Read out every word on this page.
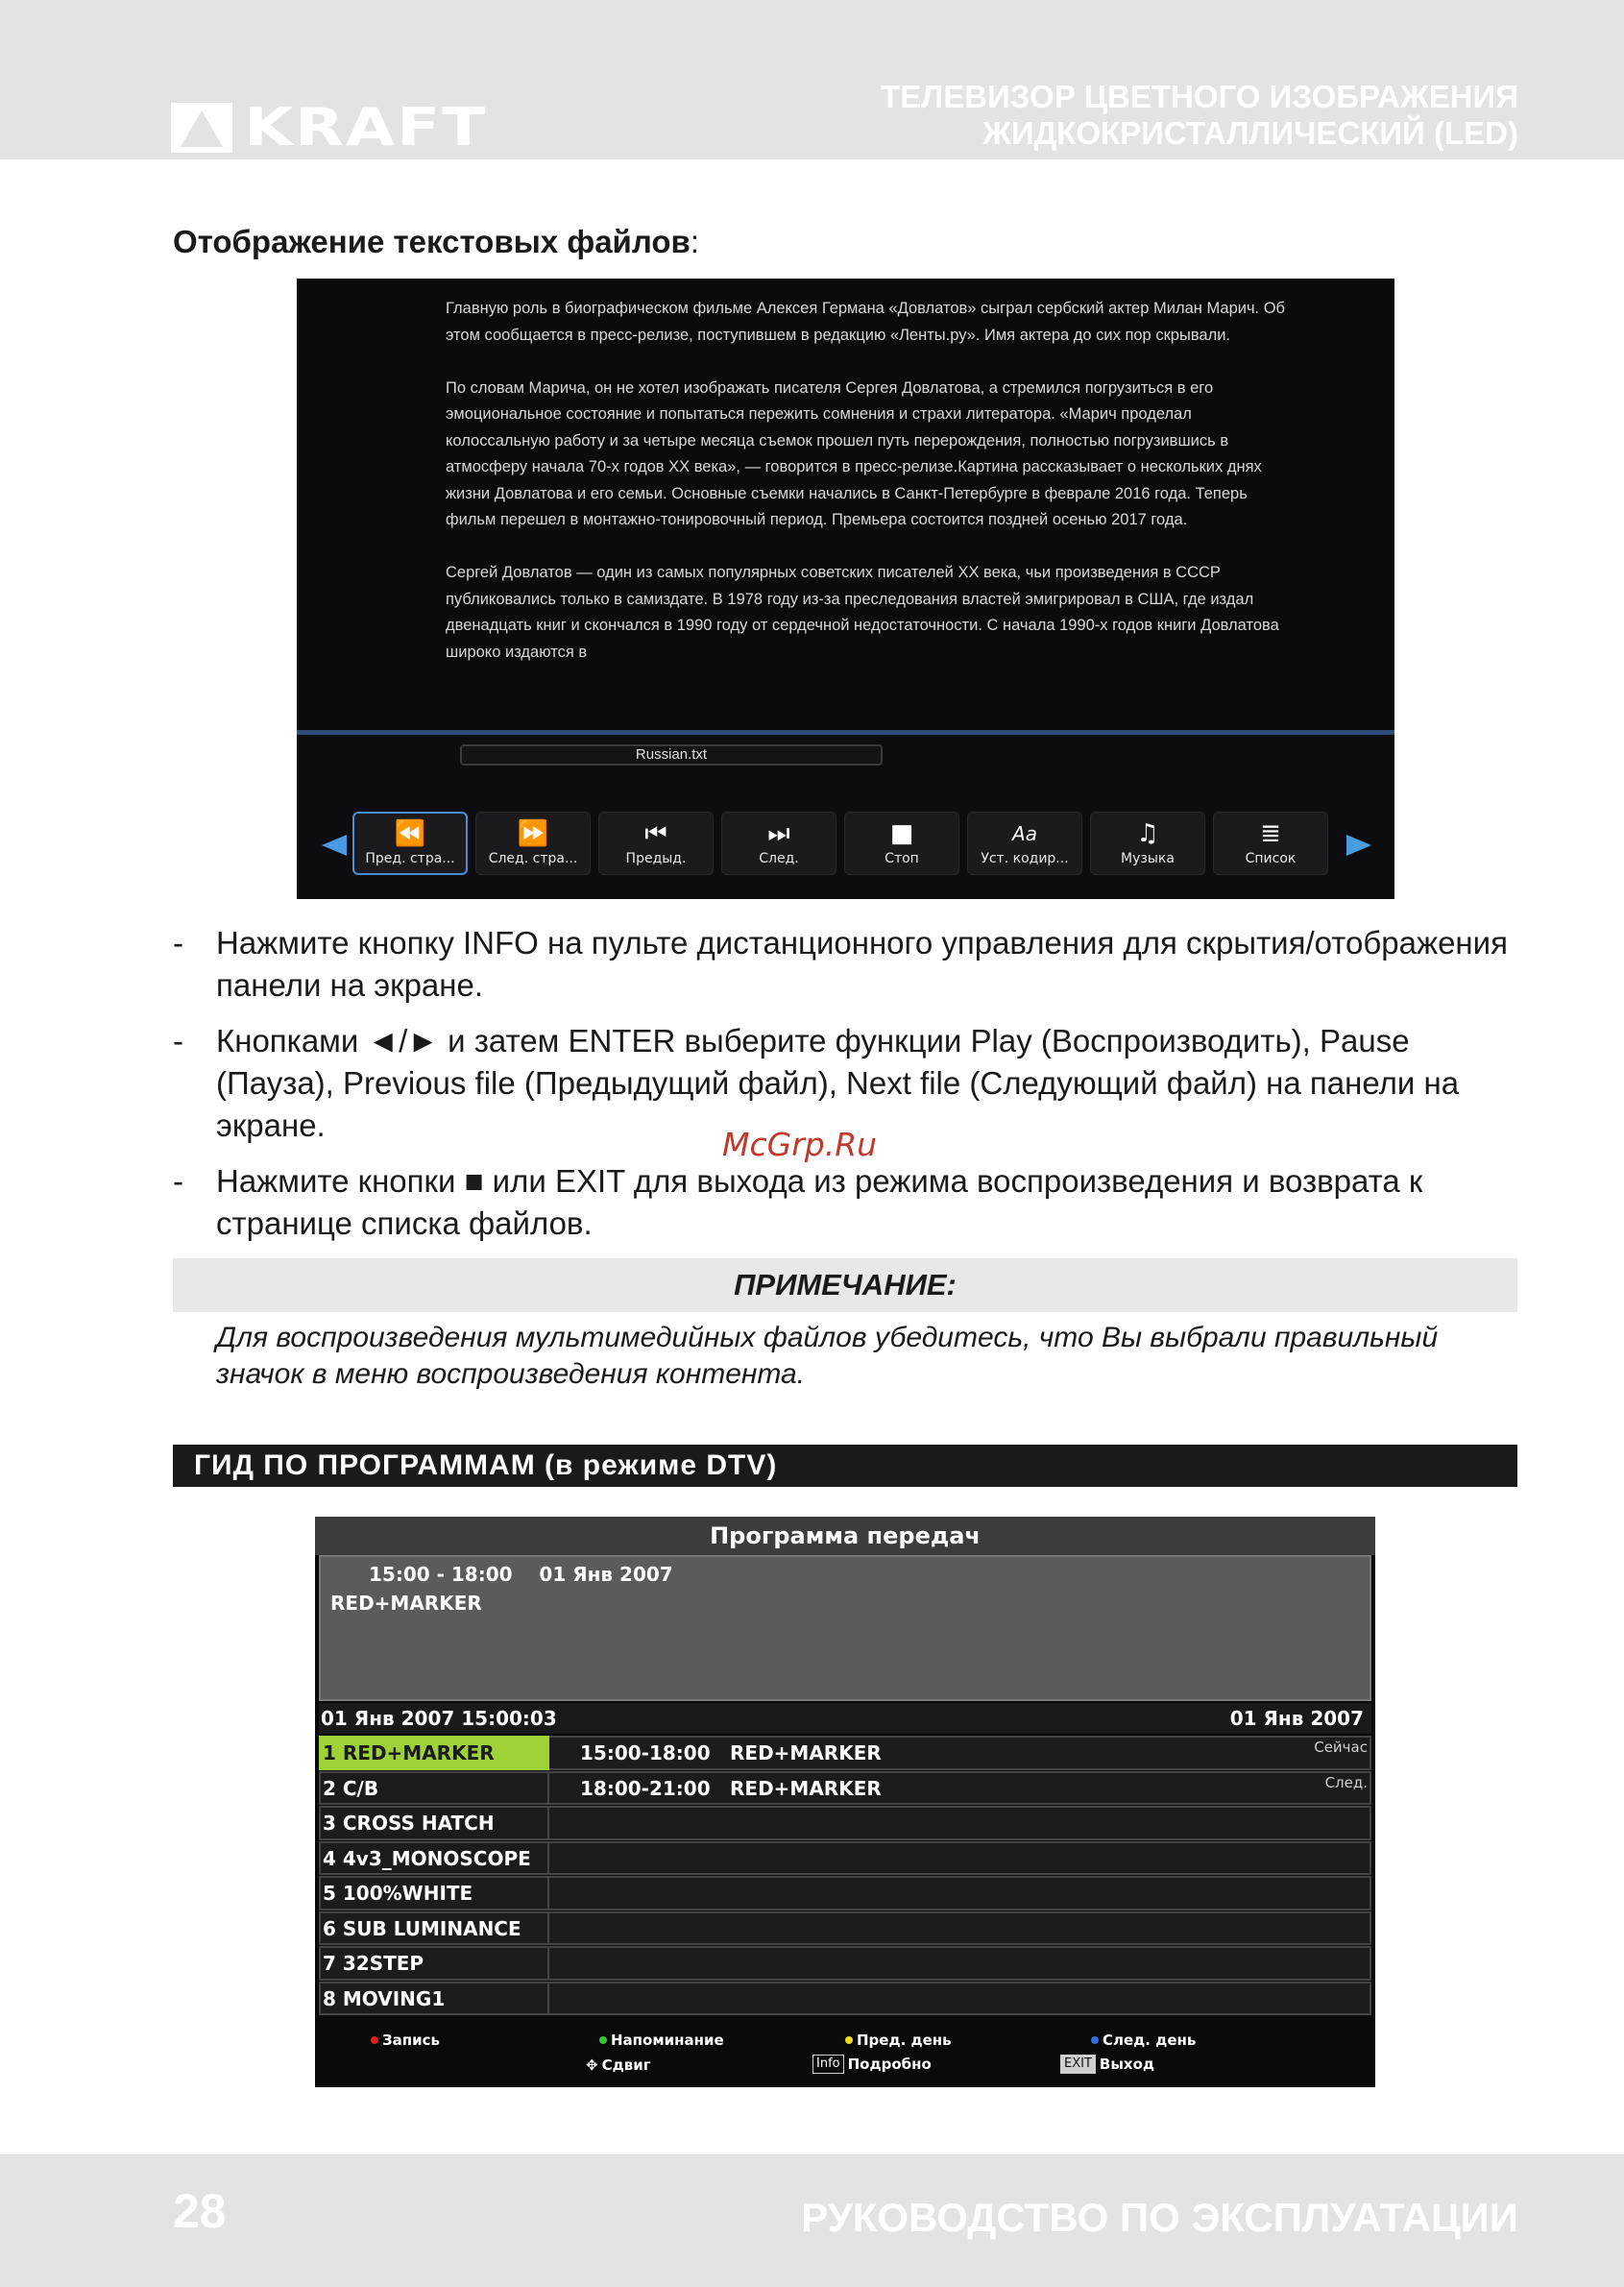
KRAFT
ТЕЛЕВИЗОР ЦВЕТНОГО ИЗОБРАЖЕНИЯ
ЖИДКОКРИСТАЛЛИЧЕСКИЙ (LED)
Отображение текстовых файлов:

Главную роль в биографическом фильме Алексея Германа «Довлатов» сыграл сербский актер Милан Марич. Об этом сообщается в пресс-релизе, поступившем в редакцию «Ленты.ру». Имя актера до сих пор скрывали.

По словам Марича, он не хотел изображать писателя Сергея Довлатова, а стремился погрузиться в его эмоциональное состояние и попытаться пережить сомнения и страхи литератора. «Марич проделал колоссальную работу и за четыре месяца съемок прошел путь перерождения, полностью погрузившись в атмосферу начала 70-х годов XX века», — говорится в пресс-релизе.Картина рассказывает о нескольких днях жизни Довлатова и его семьи. Основные съемки начались в Санкт-Петербурге в феврале 2016 года. Теперь фильм перешел в монтажно-тонировочный период. Премьера состоится поздней осенью 2017 года.

Сергей Довлатов — один из самых популярных советских писателей XX века, чьи произведения в СССР публиковались только в самиздате. В 1978 году из-за преследования властей эмигрировал в США, где издал двенадцать книг и скончался в 1990 году от сердечной недостаточности. С начала 1990-х годов книги Довлатова широко издаются в

Russian.txt
⏪
Пред. стра...
⏩
След. стра...
⏮
Предыд.
⏭
След.
■
Стоп
Aa
Уст. кодир...
♫
Музыка
≣
Список
-	Нажмите кнопку INFO на пульте дистанционного управления для скрытия/отображения панели на экране.
-	Кнопками ◄/► и затем ENTER выберите функции Play (Воспроизводить), Pause (Пауза), Previous file (Предыдущий файл), Next file (Следующий файл) на панели на экране.
-	Нажмите кнопки ■ или EXIT для выхода из режима воспроизведения и возврата к странице списка файлов.
McGrp.Ru
ПРИМЕЧАНИЕ:
Для воспроизведения мультимедийных файлов убедитесь, что Вы выбрали правильный значок в меню воспроизведения контента.
ГИД ПО ПРОГРАММАМ (в режиме DTV)
Программа передач
15:00 - 18:00    01 Янв 2007
RED+MARKER
01 Янв 2007 15:00:03	01 Янв 2007
1 RED+MARKER	15:00-18:00 RED+MARKER	Сейчас
2 C/B	18:00-21:00 RED+MARKER	След.
3 CROSS HATCH
4 4v3_MONOSCOPE
5 100%WHITE
6 SUB LUMINANCE
7 32STEP
8 MOVING1
Запись	Напоминание	Пред. день	След. день
✥ Сдвиг	Info Подробно	EXIT Выход
28	РУКОВОДСТВО ПО ЭКСПЛУАТАЦИИ
